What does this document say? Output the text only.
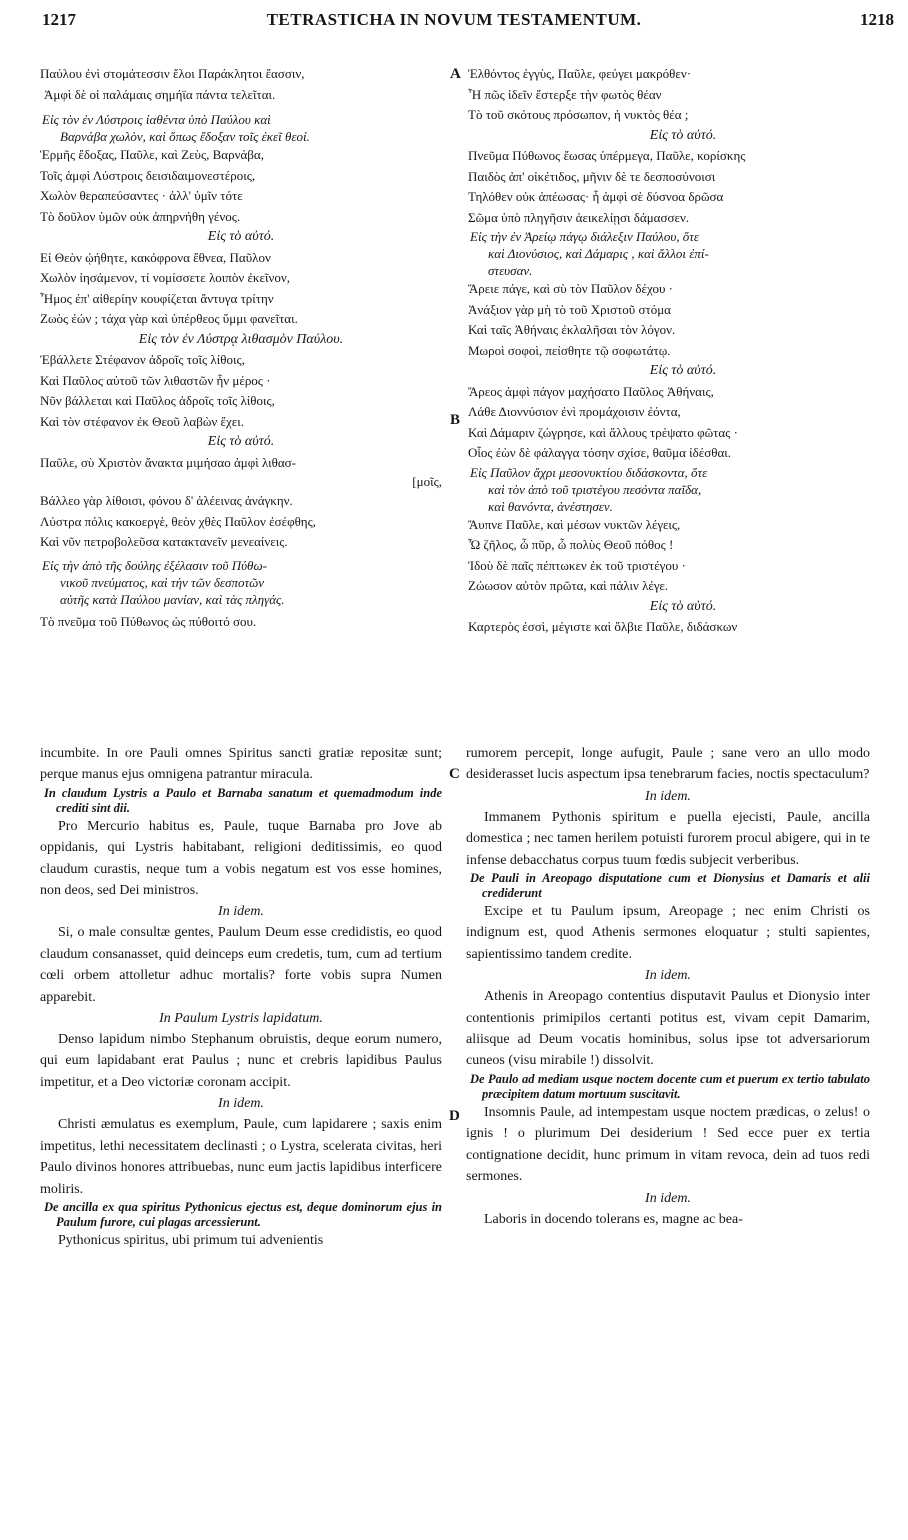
1217	TETRASTICHA IN NOVUM TESTAMENTUM.	1218
A
B
C
D
Παύλου ἐνὶ στομάτεσσιν ἔλοι Παράκλητοι ἔασσιν,
Ἀμφὶ δὲ οἱ παλάμαις σημήϊα πάντα τελεῖται.
Εἰς τὸν ἐν Λύστροις ἰαθέντα ὑπὸ Παύλου καὶ
Βαρνάβα χωλὸν, καὶ ὅπως ἔδοξαν τοῖς ἐκεῖ θεοί.
Ἑρμῆς ἔδοξας, Παῦλε, καὶ Ζεὺς, Βαρνάβα,
Τοῖς ἀμφὶ Λύστροις δεισιδαιμονεστέροις,
Χωλὸν θεραπεύσαντες · ἀλλ' ὑμῖν τότε
Τὸ δοῦλον ὑμῶν οὐκ ἀπηρνήθη γένος.
Εἰς τὸ αὐτό.
Εἰ Θεὸν ῴήθητε, κακόφρονα ἔθνεα, Παῦλον
Χωλὸν ἰησάμενον, τί νομίσσετε λοιπὸν ἐκεῖνον,
Ἦμος ἐπ' αἰθερίην κουφίζεται ἄντυγα τρίτην
Ζωὸς ἐών ; τάχα γὰρ καὶ ὑπέρθεος ὕμμι φανεῖται.
Εἰς τὸν ἐν Λύστρᾳ λιθασμὸν Παύλου.
Ἐβάλλετε Στέφανον ἀδροῖς τοῖς λίθοις,
Καὶ Παῦλος αὐτοῦ τῶν λιθαστῶν ἦν μέρος ·
Νῦν βάλλεται καὶ Παῦλος ἀδροῖς τοῖς λίθοις,
Καὶ τὸν στέφανον ἐκ Θεοῦ λαβὼν ἔχει.
Εἰς τὸ αὐτό.
Παῦλε, σὺ Χριστὸν ἄνακτα μιμήσαο ἀμφὶ λιθασ-
[μοῖς,
Βάλλεο γὰρ λίθοισι, φόνου δ' ἀλέεινας ἀνάγκην.
Λύστρα πόλις κακοεργὲ, θεὸν χθὲς Παῦλον ἐσέφθης,
Καὶ νῦν πετροβολεῦσα κατακτανεῖν μενεαίνεις.
Εἰς τὴν ἀπὸ τῆς δούλης ἐξέλασιν τοῦ Πύθω-
νικοῦ πνεύματος, καὶ τὴν τῶν δεσποτῶν
αὐτῆς κατὰ Παύλου μανίαν, καὶ τὰς πληγάς.
Τὸ πνεῦμα τοῦ Πύθωνος ὡς πύθοιτό σου.
Ἐλθόντος ἐγγὺς, Παῦλε, φεύγει μακρόθεν·
Ἦ πῶς ἰδεῖν ἔστερξε τὴν φωτὸς θέαν
Τὸ τοῦ σκότους πρόσωπον, ἡ νυκτὸς θέα ;
Εἰς τὸ αὐτό.
Πνεῦμα Πύθωνος ἔωσας ὑπέρμεγα, Παῦλε, κορίσκης
Παιδὸς ἀπ' οἰκέτιδος, μῆνιν δὲ τε δεσποσύνοισι
Τηλόθεν οὐκ ἀπέωσας· ἧ ἀμφὶ σὲ δύσνοα δρῶσα
Σῶμα ὑπὸ πληγῆσιν ἀεικελίῃσι δάμασσεν.
Εἰς τὴν ἐν Ἀρείῳ πάγῳ διάλεξιν Παύλου, ὅτε
καὶ Διονύσιος, καὶ Δάμαρις , καὶ ἄλλοι ἐπί-
στευσαν.
Ἄρειε πάγε, καὶ σὺ τὸν Παῦλον δέχου ·
Ἀνάξιον γὰρ μὴ τὸ τοῦ Χριστοῦ στόμα
Καὶ ταῖς Ἀθήναις ἐκλαλῆσαι τὸν λόγον.
Μωροὶ σοφοὶ, πείσθητε τῷ σοφωτάτῳ.
Εἰς τὸ αὐτό.
Ἄρεος ἀμφὶ πάγον μαχήσατο Παῦλος Ἀθήναις,
Λάθε Διοννύσιον ἐνὶ προμάχοισιν ἐόντα,
Καὶ Δάμαριν ζώγρησε, καὶ ἄλλους τρέψατο φῶτας ·
Οἷος ἐὼν δὲ φάλαγγα τόσην σχίσε, θαῦμα ἰδέσθαι.
Εἰς Παῦλον ἄχρι μεσονυκτίου διδάσκοντα, ὅτε
καὶ τὸν ἀπὸ τοῦ τριστέγου πεσόντα παῖδα,
καὶ θανόντα, ἀνέστησεν.
Ἄυπνε Παῦλε, καὶ μέσων νυκτῶν λέγεις,
Ὦ ζῆλος, ὦ πῦρ, ὦ πολὺς Θεοῦ πόθος !
Ἰδοὺ δὲ παῖς πέπτωκεν ἐκ τοῦ τριστέγου ·
Ζώωσον αὐτὸν πρῶτα, καὶ πάλιν λέγε.
Εἰς τὸ αὐτό.
Καρτερὸς ἐσσὶ, μέγιστε καὶ ὄλβιε Παῦλε, διδάσκων

incumbite. In ore Pauli omnes Spiritus sancti gratiæ repositæ sunt; perque manus ejus omnigena patrantur miracula.

In claudum Lystris a Paulo et Barnaba sanatum et quemadmodum inde crediti sint dii.

Pro Mercurio habitus es, Paule, tuque Barnaba pro Jove ab oppidanis, qui Lystris habitabant, religioni deditissimis, eo quod claudum curastis, neque tum a vobis negatum est vos esse homines, non deos, sed Dei ministros.

In idem.

Si, o male consultæ gentes, Paulum Deum esse credidistis, eo quod claudum consanasset, quid deinceps eum credetis, tum, cum ad tertium cœli orbem attolletur adhuc mortalis? forte vobis supra Numen apparebit.

In Paulum Lystris lapidatum.

Denso lapidum nimbo Stephanum obruistis, deque eorum numero, qui eum lapidabant erat Paulus ; nunc et crebris lapidibus Paulus impetitur, et a Deo victoriæ coronam accipit.

In idem.

Christi æmulatus es exemplum, Paule, cum lapidarere ; saxis enim impetitus, lethi necessitatem declinasti ; o Lystra, scelerata civitas, heri Paulo divinos honores attribuebas, nunc eum jactis lapidibus interficere moliris.

De ancilla ex qua spiritus Pythonicus ejectus est, deque dominorum ejus in Paulum furore, cui plagas arcessierunt.

Pythonicus spiritus, ubi primum tui advenientis

rumorem percepit, longe aufugit, Paule ; sane vero an ullo modo desiderasset lucis aspectum ipsa tenebrarum facies, noctis spectaculum?

In idem.

Immanem Pythonis spiritum e puella ejecisti, Paule, ancilla domestica ; nec tamen herilem potuisti furorem procul abigere, qui in te infense debacchatus corpus tuum fœdis subjecit verberibus.

De Pauli in Areopago disputatione cum et Dionysius et Damaris et alii crediderunt

Excipe et tu Paulum ipsum, Areopage ; nec enim Christi os indignum est, quod Athenis sermones eloquatur ; stulti sapientes, sapientissimo tandem credite.

In idem.

Athenis in Areopago contentius disputavit Paulus et Dionysio inter contentionis primipilos certanti potitus est, vivam cepit Damarim, aliisque ad Deum vocatis hominibus, solus ipse tot adversariorum cuneos (visu mirabile !) dissolvit.

De Paulo ad mediam usque noctem docente cum et puerum ex tertio tabulato præcipitem datum mortuum suscitavit.

Insomnis Paule, ad intempestam usque noctem prædicas, o zelus! o ignis ! o plurimum Dei desiderium ! Sed ecce puer ex tertia contignatione decidit, hunc primum in vitam revoca, dein ad tuos redi sermones.

In idem.

Laboris in docendo tolerans es, magne ac bea-
